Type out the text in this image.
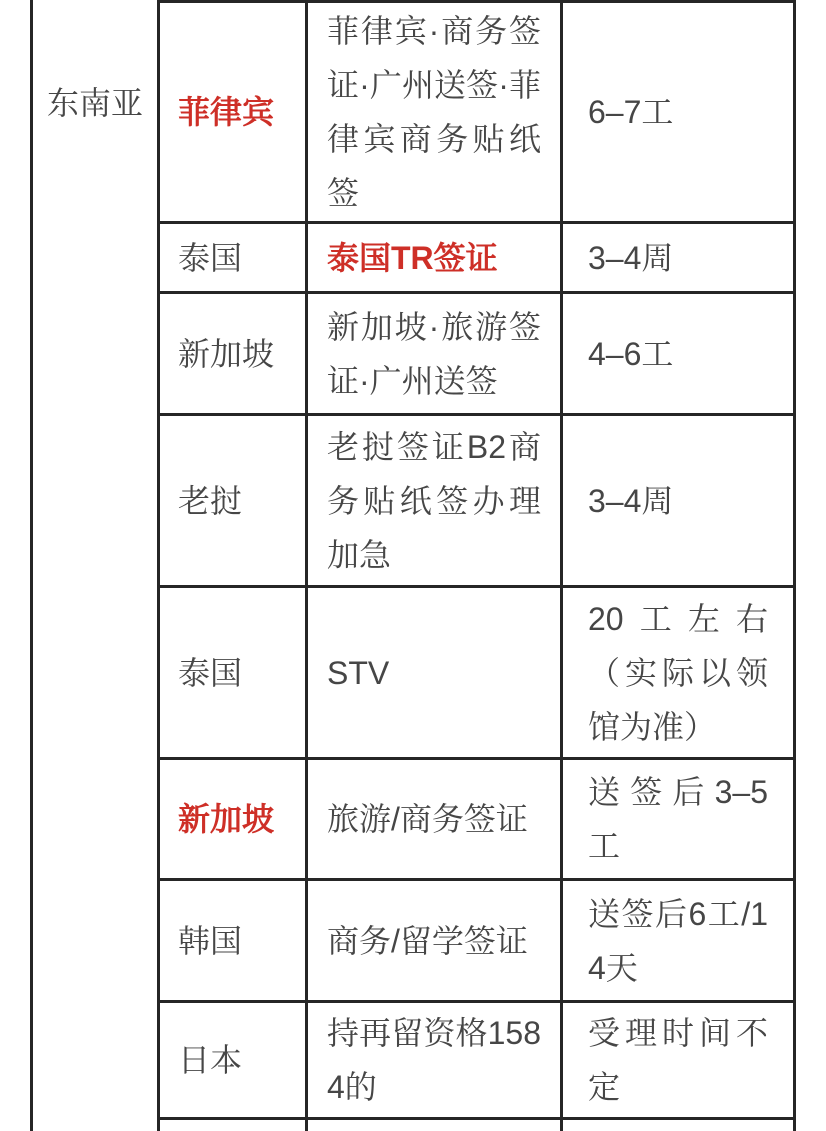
东南亚			
	菲律宾	菲律宾·商务签证·广州送签·菲律宾商务贴纸签	6–7工
	泰国	泰国TR签证	3–4周
	新加坡	新加坡·旅游签证·广州送签	4–6工
	老挝	老挝签证B2商务贴纸签办理加急	3–4周
	泰国	STV	20工左右（实际以领馆为准）
	新加坡	旅游/商务签证	送签后3–5工
	韩国	商务/留学签证	送签后6工/14天
	日本	持再留资格1584的	受理时间不定
